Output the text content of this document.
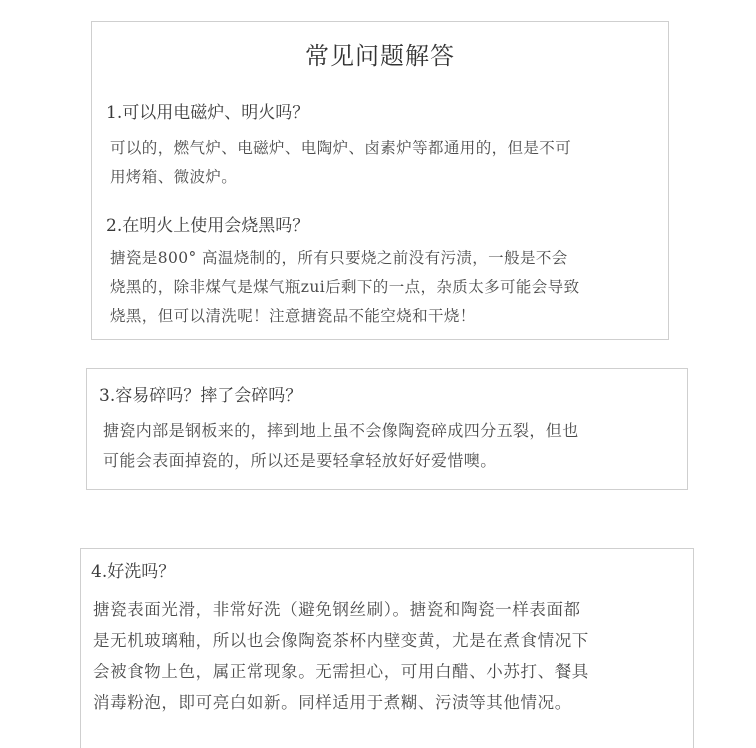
常见问题解答
1.可以用电磁炉、明火吗？
可以的，燃气炉、电磁炉、电陶炉、卤素炉等都通用的，但是不可
用烤箱、微波炉。
2.在明火上使用会烧黑吗？
搪瓷是800° 高温烧制的，所有只要烧之前没有污渍，一般是不会
烧黑的，除非煤气是煤气瓶zui后剩下的一点，杂质太多可能会导致
烧黑，但可以清洗呢！注意搪瓷品不能空烧和干烧！
3.容易碎吗？摔了会碎吗？
搪瓷内部是钢板来的，摔到地上虽不会像陶瓷碎成四分五裂，但也
可能会表面掉瓷的，所以还是要轻拿轻放好好爱惜噢。
4.好洗吗？
搪瓷表面光滑，非常好洗（避免钢丝刷）。搪瓷和陶瓷一样表面都
是无机玻璃釉，所以也会像陶瓷茶杯内壁变黄，尤是在煮食情况下
会被食物上色，属正常现象。无需担心，可用白醋、小苏打、餐具
消毒粉泡，即可亮白如新。同样适用于煮糊、污渍等其他情况。
